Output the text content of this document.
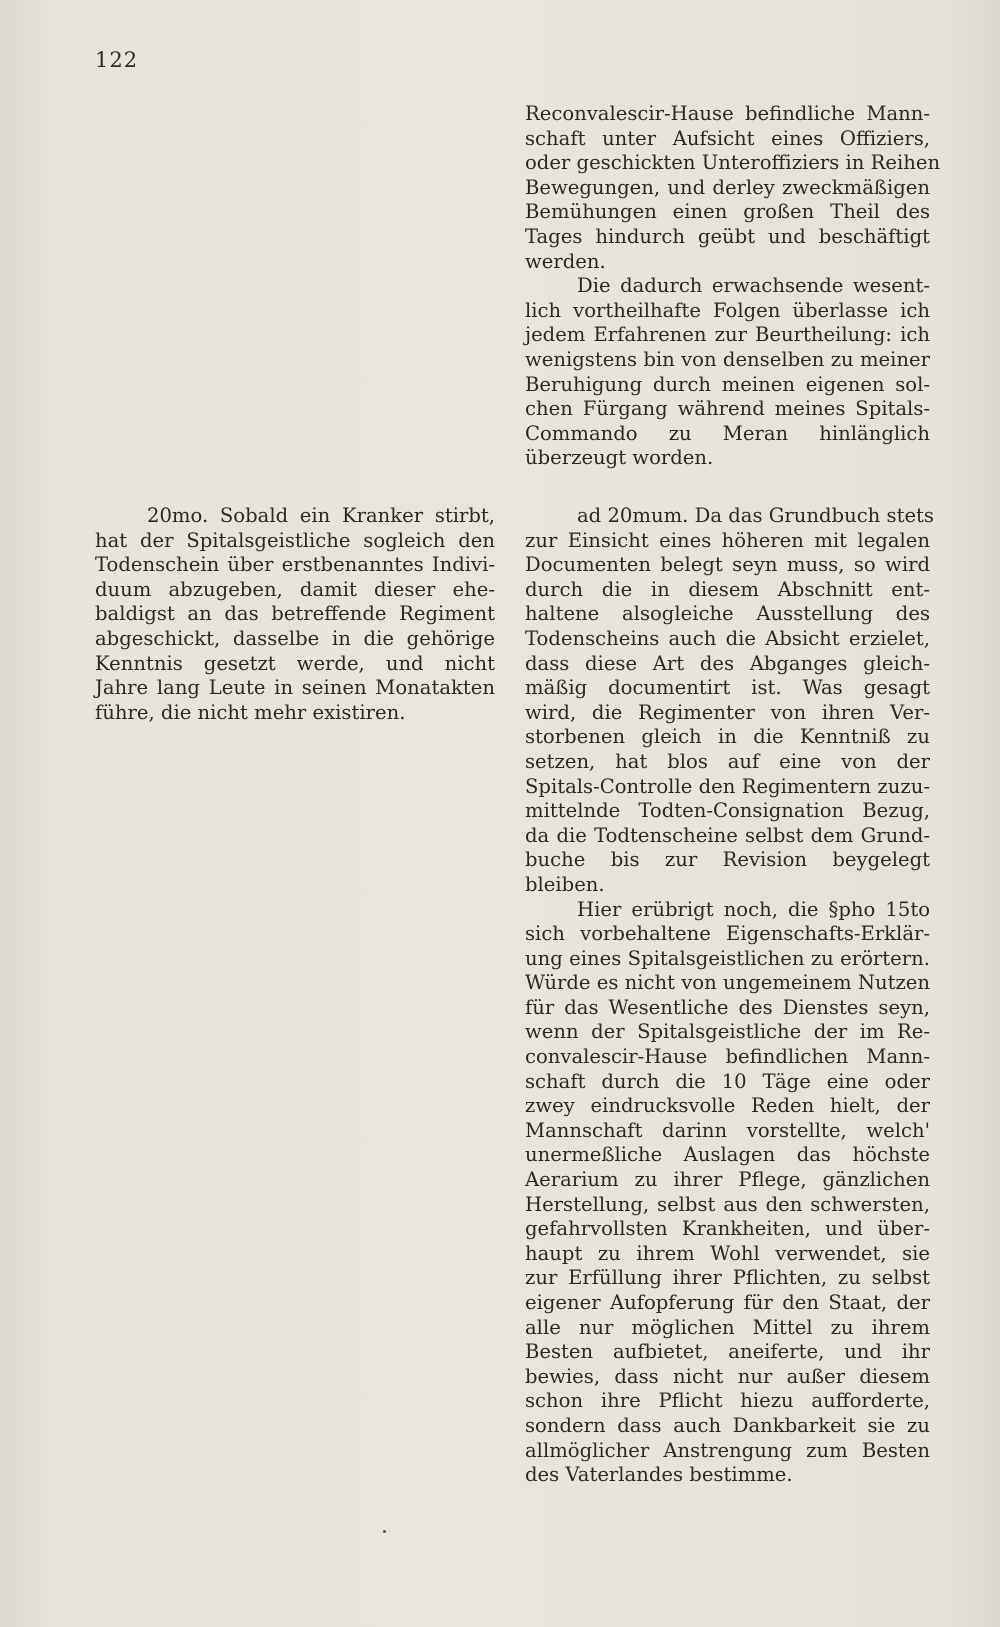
122
Reconvalescir-Hause befindliche Mann-
schaft unter Aufsicht eines Offiziers,
oder geschickten Unteroffiziers in Reihen
Bewegungen, und derley zweckmäßigen
Bemühungen einen großen Theil des
Tages hindurch geübt und beschäftigt
werden.
Die dadurch erwachsende wesent-
lich vortheilhafte Folgen überlasse ich
jedem Erfahrenen zur Beurtheilung: ich
wenigstens bin von denselben zu meiner
Beruhigung durch meinen eigenen sol-
chen Fürgang während meines Spitals-
Commando zu Meran hinlänglich
überzeugt worden.
20mo. Sobald ein Kranker stirbt,
hat der Spitalsgeistliche sogleich den
Todenschein über erstbenanntes Indivi-
duum abzugeben, damit dieser ehe-
baldigst an das betreffende Regiment
abgeschickt, dasselbe in die gehörige
Kenntnis gesetzt werde, und nicht
Jahre lang Leute in seinen Monatakten
führe, die nicht mehr existiren.
ad 20mum. Da das Grundbuch stets
zur Einsicht eines höheren mit legalen
Documenten belegt seyn muss, so wird
durch die in diesem Abschnitt ent-
haltene alsogleiche Ausstellung des
Todenscheins auch die Absicht erzielet,
dass diese Art des Abganges gleich-
mäßig documentirt ist. Was gesagt
wird, die Regimenter von ihren Ver-
storbenen gleich in die Kenntniß zu
setzen, hat blos auf eine von der
Spitals-Controlle den Regimentern zuzu-
mittelnde Todten-Consignation Bezug,
da die Todtenscheine selbst dem Grund-
buche bis zur Revision beygelegt
bleiben.
Hier erübrigt noch, die §pho 15to
sich vorbehaltene Eigenschafts-Erklär-
ung eines Spitalsgeistlichen zu erörtern.
Würde es nicht von ungemeinem Nutzen
für das Wesentliche des Dienstes seyn,
wenn der Spitalsgeistliche der im Re-
convalescir-Hause befindlichen Mann-
schaft durch die 10 Täge eine oder
zwey eindrucksvolle Reden hielt, der
Mannschaft darinn vorstellte, welch'
unermeßliche Auslagen das höchste
Aerarium zu ihrer Pflege, gänzlichen
Herstellung, selbst aus den schwersten,
gefahrvollsten Krankheiten, und über-
haupt zu ihrem Wohl verwendet, sie
zur Erfüllung ihrer Pflichten, zu selbst
eigener Aufopferung für den Staat, der
alle nur möglichen Mittel zu ihrem
Besten aufbietet, aneiferte, und ihr
bewies, dass nicht nur außer diesem
schon ihre Pflicht hiezu aufforderte,
sondern dass auch Dankbarkeit sie zu
allmöglicher Anstrengung zum Besten
des Vaterlandes bestimme.
